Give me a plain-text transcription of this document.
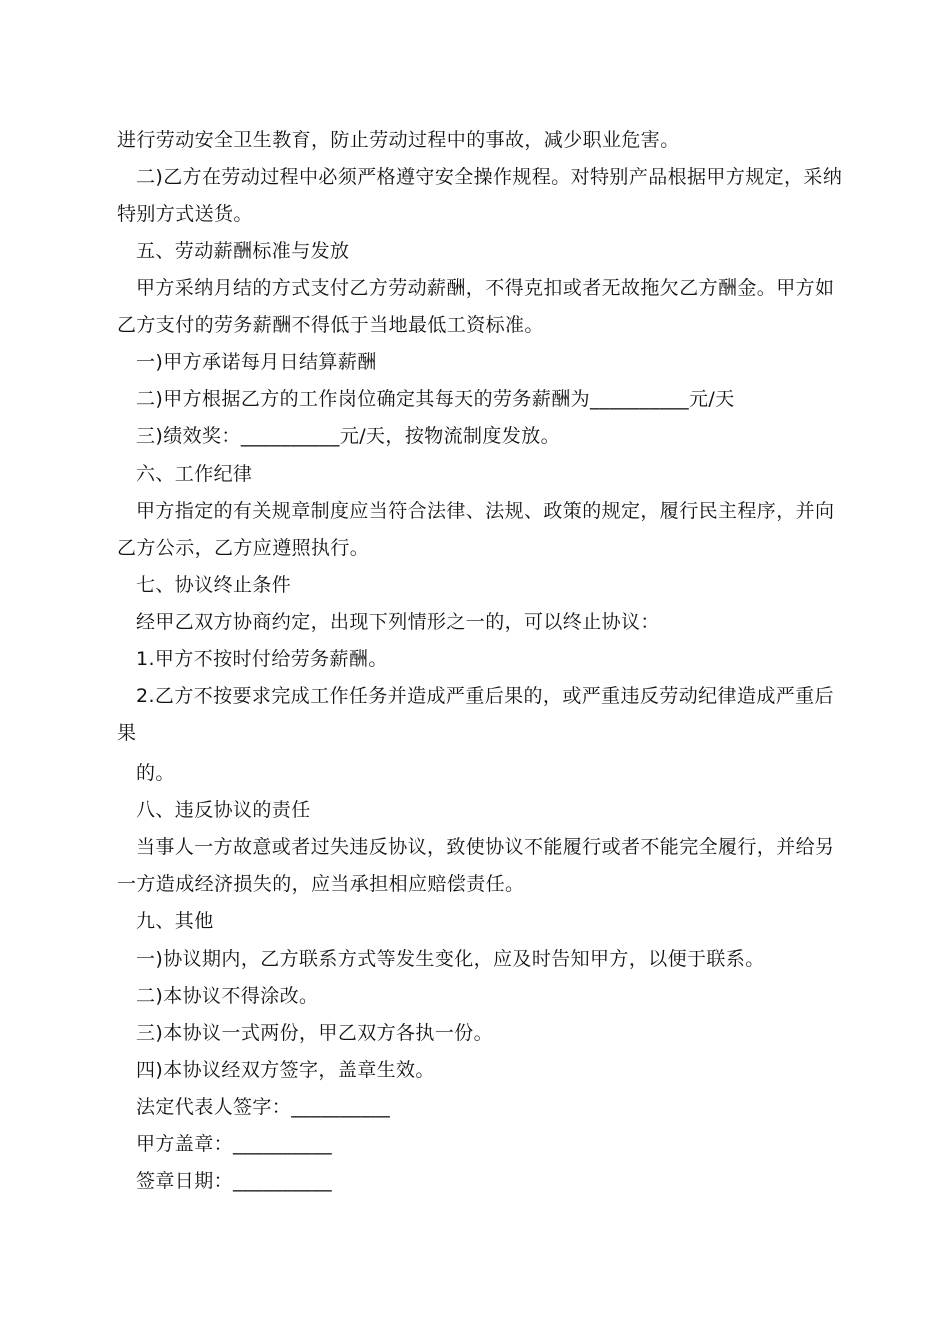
进行劳动安全卫生教育，防止劳动过程中的事故，减少职业危害。
二)乙方在劳动过程中必须严格遵守安全操作规程。对特别产品根据甲方规定，采纳
特别方式送货。
五、劳动薪酬标准与发放
甲方采纳月结的方式支付乙方劳动薪酬，不得克扣或者无故拖欠乙方酬金。甲方如
乙方支付的劳务薪酬不得低于当地最低工资标准。
一)甲方承诺每月日结算薪酬
二)甲方根据乙方的工作岗位确定其每天的劳务薪酬为__________元/天
三)绩效奖：__________元/天，按物流制度发放。
六、工作纪律
甲方指定的有关规章制度应当符合法律、法规、政策的规定，履行民主程序，并向
乙方公示，乙方应遵照执行。
七、协议终止条件
经甲乙双方协商约定，出现下列情形之一的，可以终止协议：
1.甲方不按时付给劳务薪酬。
2.乙方不按要求完成工作任务并造成严重后果的，或严重违反劳动纪律造成严重后
果
的。
八、违反协议的责任
当事人一方故意或者过失违反协议，致使协议不能履行或者不能完全履行，并给另
一方造成经济损失的，应当承担相应赔偿责任。
九、其他
一)协议期内，乙方联系方式等发生变化，应及时告知甲方，以便于联系。
二)本协议不得涂改。
三)本协议一式两份，甲乙双方各执一份。
四)本协议经双方签字，盖章生效。
法定代表人签字：__________
甲方盖章：__________
签章日期：__________
